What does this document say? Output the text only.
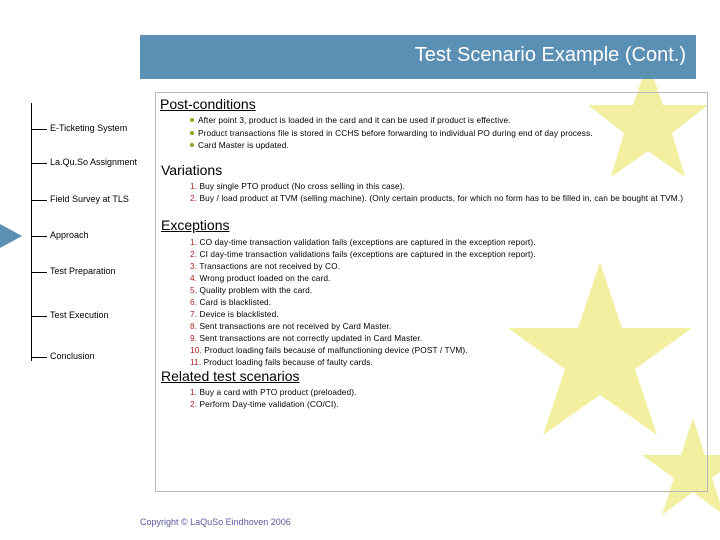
Test Scenario Example (Cont.)
E-Ticketing System
La.Qu.So Assignment
Field Survey at TLS
Approach
Test Preparation
Test Execution
Conclusion
Post-conditions
After point 3, product is loaded in the card and it can be used if product is effective.
Product transactions file is stored in CCHS before forwarding to individual PO during end of day process.
Card Master is updated.
Variations
1. Buy single PTO product (No cross selling in this case).
2. Buy / load product at TVM (selling machine). (Only certain products, for which no form has to be filled in, can be bought at TVM.)
Exceptions
1. CO day-time transaction validation fails (exceptions are captured in the exception report).
2. CI day-time transaction validations fails (exceptions are captured in the exception report).
3. Transactions are not received by CO.
4. Wrong product loaded on the card.
5. Quality problem with the card.
6. Card is blacklisted.
7. Device is blacklisted.
8. Sent transactions are not received by Card Master.
9. Sent transactions are not correctly updated in Card Master.
10. Product loading fails because of malfunctioning device (POST / TVM).
11. Product loading fails because of faulty cards.
Related test scenarios
1. Buy a card with PTO product (preloaded).
2. Perform Day-time validation (CO/CI).
Copyright © LaQuSo Eindhoven 2006
